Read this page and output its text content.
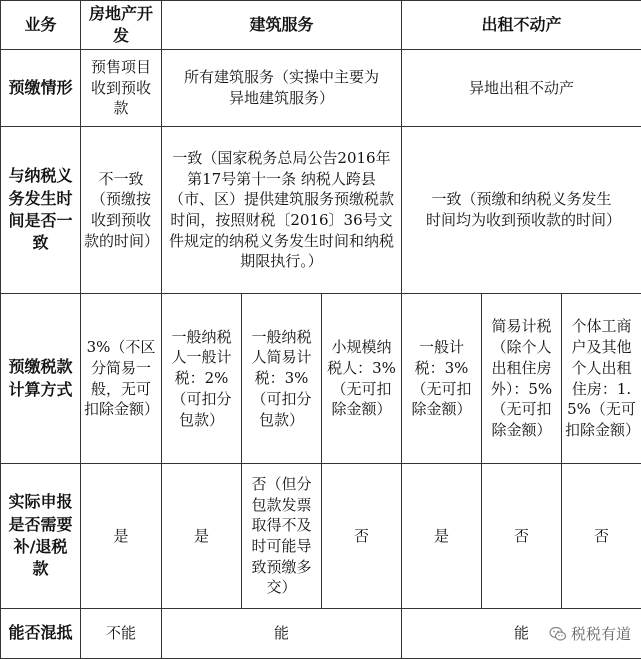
业务	房地产开发	建筑服务			出租不动产		
预缴情形	预售项目收到预收款	所有建筑服务（实操中主要为异地建筑服务）			异地出租不动产		
与纳税义务发生时间是否一致	不一致（预缴按收到预收款的时间）	一致（国家税务总局公告2016年第17号第十一条 纳税人跨县（市、区）提供建筑服务预缴税款时间，按照财税〔2016〕36号文件规定的纳税义务发生时间和纳税期限执行。）			一致（预缴和纳税义务发生时间均为收到预收款的时间）		
预缴税款计算方式	3%（不区分简易一般，无可扣除金额）	一般纳税人一般计税：2%（可扣分包款）	一般纳税人简易计税：3%（可扣分包款）	小规模纳税人：3%（无可扣除金额）	一般计税：3%（无可扣除金额）	简易计税（除个人出租住房外）：5%（无可扣除金额）	个体工商户及其他个人出租住房：1.5%（无可扣除金额）
实际申报是否需要补/退税款	是	是	否（但分包款发票取得不及时可能导致预缴多交）	否	是	否	否
能否混抵	不能	能			能			税税有道
